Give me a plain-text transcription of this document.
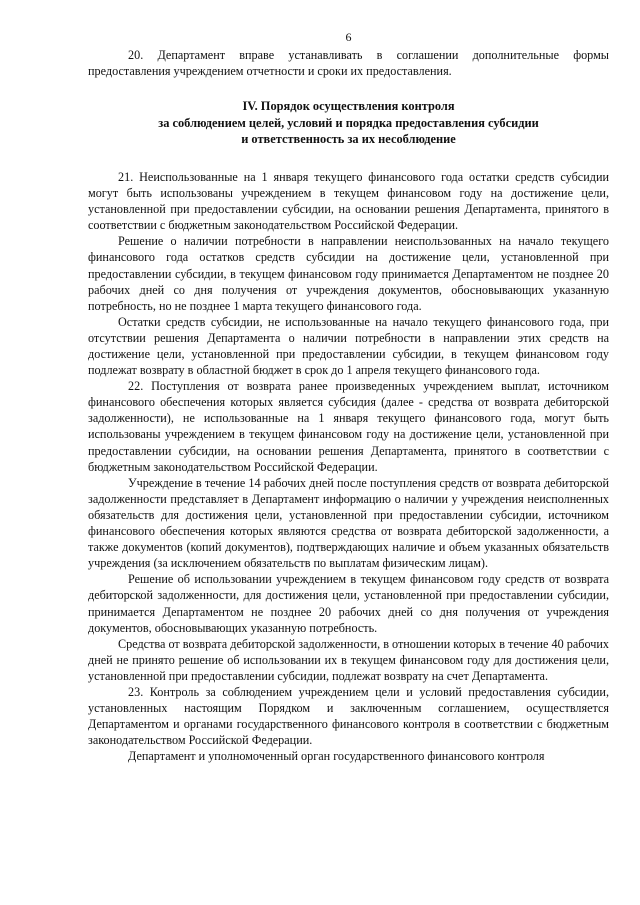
6

20. Департамент вправе устанавливать в соглашении дополнительные формы предоставления учреждением отчетности и сроки их предоставления.

IV. Порядок осуществления контроля
за соблюдением целей, условий и порядка предоставления субсидии
и ответственность за их несоблюдение

21. Неиспользованные на 1 января текущего финансового года остатки средств субсидии могут быть использованы учреждением в текущем финансовом году на достижение цели, установленной при предоставлении субсидии, на основании решения Департамента, принятого в соответствии с бюджетным законодательством Российской Федерации.

Решение о наличии потребности в направлении неиспользованных на начало текущего финансового года остатков средств субсидии на достижение цели, установленной при предоставлении субсидии, в текущем финансовом году принимается Департаментом не позднее 20 рабочих дней со дня получения от учреждения документов, обосновывающих указанную потребность, но не позднее 1 марта текущего финансового года.

Остатки средств субсидии, не использованные на начало текущего финансового года, при отсутствии решения Департамента о наличии потребности в направлении этих средств на достижение цели, установленной при предоставлении субсидии, в текущем финансовом году подлежат возврату в областной бюджет в срок до 1 апреля текущего финансового года.

22. Поступления от возврата ранее произведенных учреждением выплат, источником финансового обеспечения которых является субсидия (далее - средства от возврата дебиторской задолженности), не использованные на 1 января текущего финансового года, могут быть использованы учреждением в текущем финансовом году на достижение цели, установленной при предоставлении субсидии, на основании решения Департамента, принятого в соответствии с бюджетным законодательством Российской Федерации.

Учреждение в течение 14 рабочих дней после поступления средств от возврата дебиторской задолженности представляет в Департамент информацию о наличии у учреждения неисполненных обязательств для достижения цели, установленной при предоставлении субсидии, источником финансового обеспечения которых являются средства от возврата дебиторской задолженности, а также документов (копий документов), подтверждающих наличие и объем указанных обязательств учреждения (за исключением обязательств по выплатам физическим лицам).

Решение об использовании учреждением в текущем финансовом году средств от возврата дебиторской задолженности, для достижения цели, установленной при предоставлении субсидии, принимается Департаментом не позднее 20 рабочих дней со дня получения от учреждения документов, обосновывающих указанную потребность.

Средства от возврата дебиторской задолженности, в отношении которых в течение 40 рабочих дней не принято решение об использовании их в текущем финансовом году для достижения цели, установленной при предоставлении субсидии, подлежат возврату на счет Департамента.

23. Контроль за соблюдением учреждением цели и условий предоставления субсидии, установленных настоящим Порядком и заключенным соглашением, осуществляется Департаментом и органами государственного финансового контроля в соответствии с бюджетным законодательством Российской Федерации.

Департамент и уполномоченный орган государственного финансового контроля
